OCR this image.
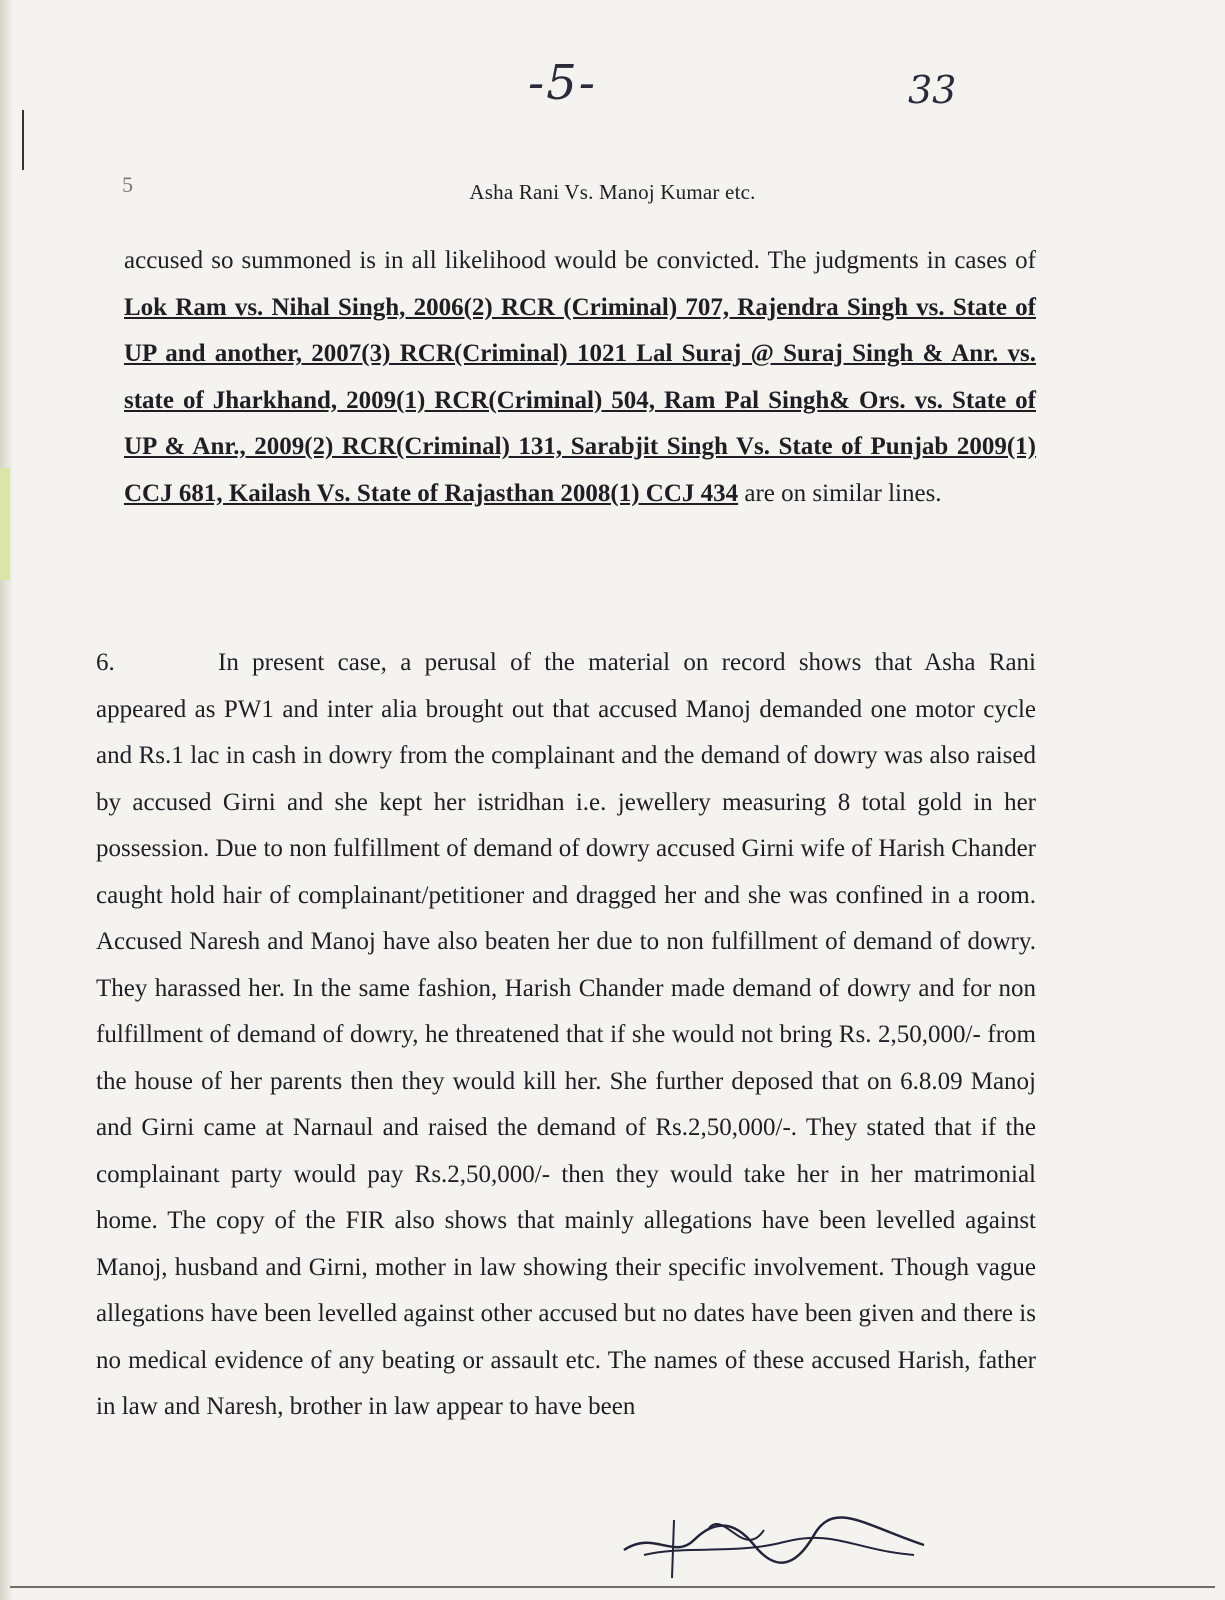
-5-	33
5	Asha Rani Vs. Manoj Kumar etc.

accused so summoned is in all likelihood would be convicted. The judgments in cases of Lok Ram vs. Nihal Singh, 2006(2) RCR (Criminal) 707, Rajendra Singh vs. State of UP and another, 2007(3) RCR(Criminal) 1021 Lal Suraj @ Suraj Singh & Anr. vs. state of Jharkhand, 2009(1) RCR(Criminal) 504, Ram Pal Singh& Ors. vs. State of UP & Anr., 2009(2) RCR(Criminal) 131, Sarabjit Singh Vs. State of Punjab 2009(1) CCJ 681, Kailash Vs. State of Rajasthan 2008(1) CCJ 434 are on similar lines.

6.	In present case, a perusal of the material on record shows that Asha Rani appeared as PW1 and inter alia brought out that accused Manoj demanded one motor cycle and Rs.1 lac in cash in dowry from the complainant and the demand of dowry was also raised by accused Girni and she kept her istridhan i.e. jewellery measuring 8 total gold in her possession. Due to non fulfillment of demand of dowry accused Girni wife of Harish Chander caught hold hair of complainant/petitioner and dragged her and she was confined in a room. Accused Naresh and Manoj have also beaten her due to non fulfillment of demand of dowry. They harassed her. In the same fashion, Harish Chander made demand of dowry and for non fulfillment of demand of dowry, he threatened that if she would not bring Rs. 2,50,000/- from the house of her parents then they would kill her. She further deposed that on 6.8.09 Manoj and Girni came at Narnaul and raised the demand of Rs.2,50,000/-. They stated that if the complainant party would pay Rs.2,50,000/- then they would take her in her matrimonial home. The copy of the FIR also shows that mainly allegations have been levelled against Manoj, husband and Girni, mother in law showing their specific involvement. Though vague allegations have been levelled against other accused but no dates have been given and there is no medical evidence of any beating or assault etc. The names of these accused Harish, father in law and Naresh, brother in law appear to have been
